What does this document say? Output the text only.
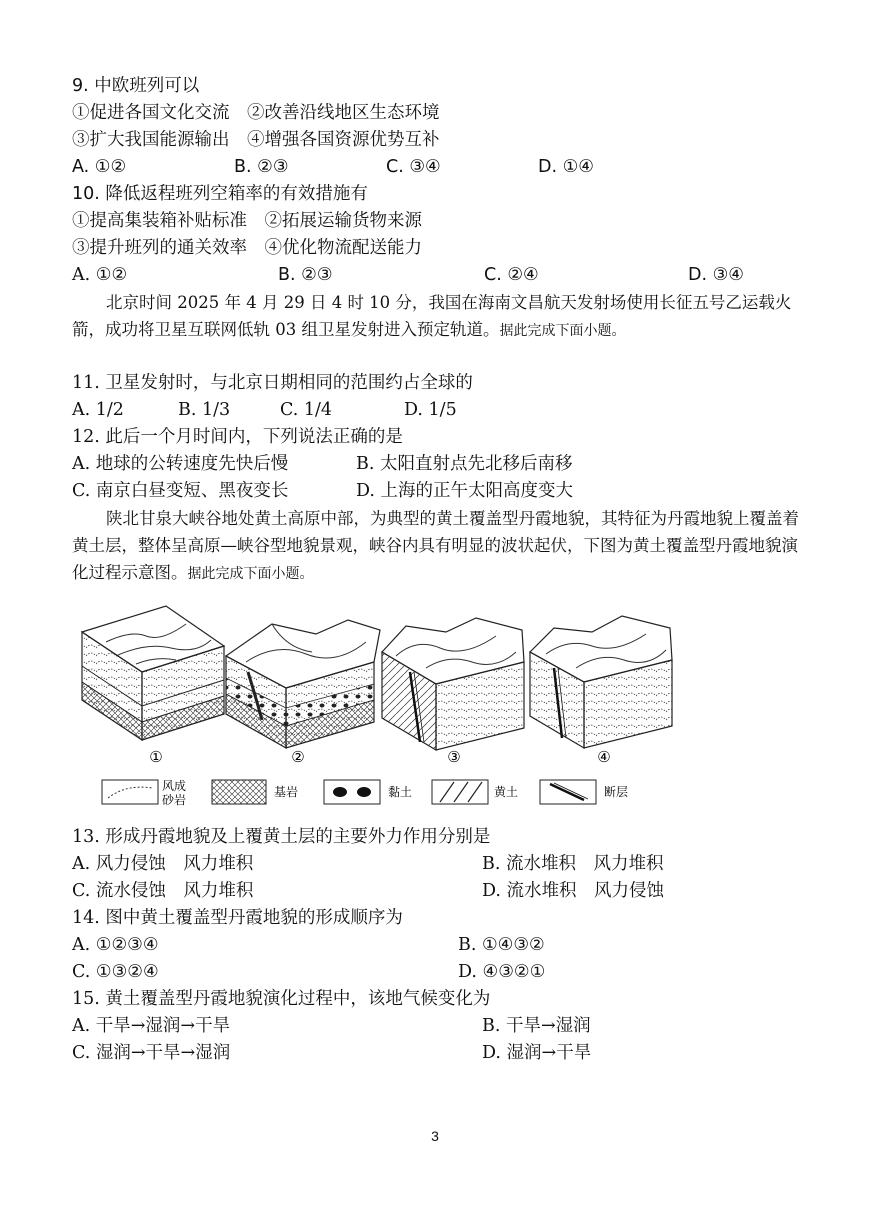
9. 中欧班列可以
①促进各国文化交流　②改善沿线地区生态环境
③扩大我国能源输出　④增强各国资源优势互补
A. ①②	B. ②③	C. ③④	D. ①④
10. 降低返程班列空箱率的有效措施有
①提高集装箱补贴标准　②拓展运输货物来源
③提升班列的通关效率　④优化物流配送能力
A. ①②	B. ②③	C. ②④	D. ③④
北京时间 2025 年 4 月 29 日 4 时 10 分，我国在海南文昌航天发射场使用长征五号乙运载火箭，成功将卫星互联网低轨 03 组卫星发射进入预定轨道。据此完成下面小题。
11. 卫星发射时，与北京日期相同的范围约占全球的
A. 1/2	B. 1/3	C. 1/4	D. 1/5
12. 此后一个月时间内，下列说法正确的是
A. 地球的公转速度先快后慢	B. 太阳直射点先北移后南移
C. 南京白昼变短、黑夜变长	D. 上海的正午太阳高度变大
陕北甘泉大峡谷地处黄土高原中部，为典型的黄土覆盖型丹霞地貌，其特征为丹霞地貌上覆盖着黄土层，整体呈高原—峡谷型地貌景观，峡谷内具有明显的波状起伏，下图为黄土覆盖型丹霞地貌演化过程示意图。据此完成下面小题。
①	②	③	④
风成砂岩
基岩	黏土	黄土	断层
13. 形成丹霞地貌及上覆黄土层的主要外力作用分别是
A. 风力侵蚀　风力堆积	B. 流水堆积　风力堆积
C. 流水侵蚀　风力堆积	D. 流水堆积　风力侵蚀
14. 图中黄土覆盖型丹霞地貌的形成顺序为
A. ①②③④	B. ①④③②
C. ①③②④	D. ④③②①
15. 黄土覆盖型丹霞地貌演化过程中，该地气候变化为
A. 干旱→湿润→干旱	B. 干旱→湿润
C. 湿润→干旱→湿润	D. 湿润→干旱
3
